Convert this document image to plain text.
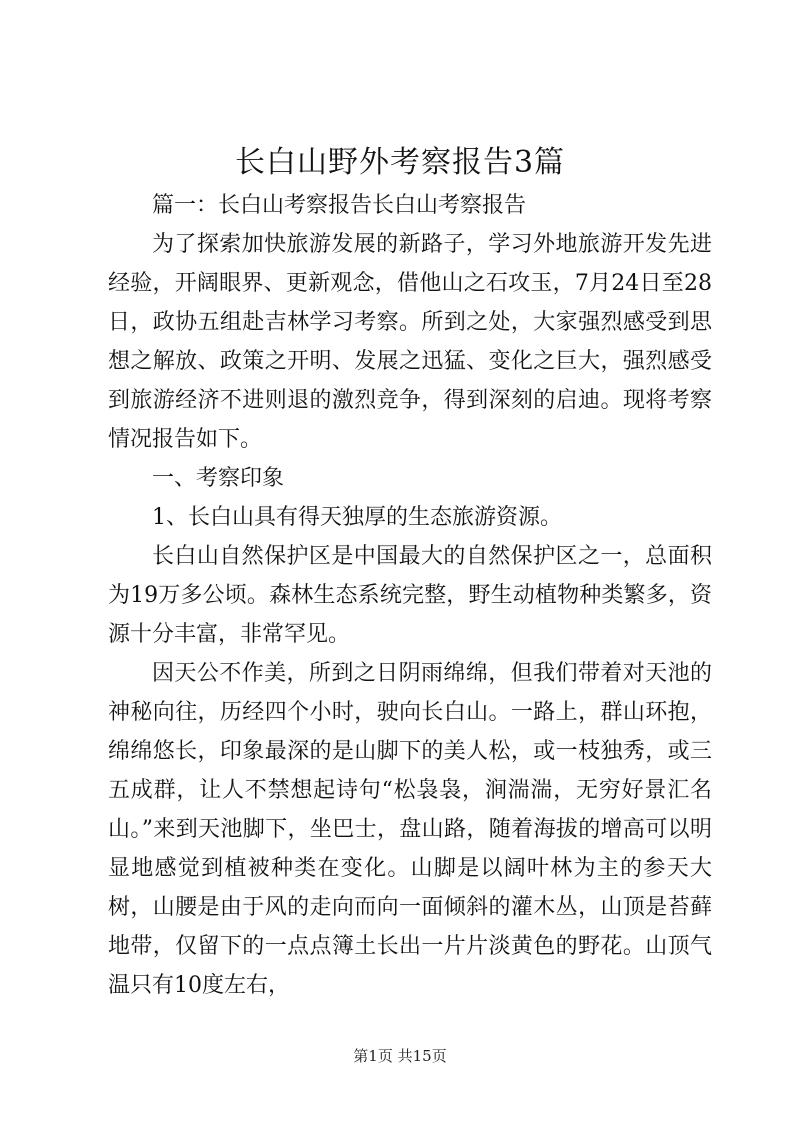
长白山野外考察报告3篇

篇一：长白山考察报告长白山考察报告

为了探索加快旅游发展的新路子，学习外地旅游开发先进经验，开阔眼界、更新观念，借他山之石攻玉，7月24日至28日，政协五组赴吉林学习考察。所到之处，大家强烈感受到思想之解放、政策之开明、发展之迅猛、变化之巨大，强烈感受到旅游经济不进则退的激烈竞争，得到深刻的启迪。现将考察情况报告如下。

一、考察印象

1、长白山具有得天独厚的生态旅游资源。

长白山自然保护区是中国最大的自然保护区之一，总面积为19万多公顷。森林生态系统完整，野生动植物种类繁多，资源十分丰富，非常罕见。

因天公不作美，所到之日阴雨绵绵，但我们带着对天池的神秘向往，历经四个小时，驶向长白山。一路上，群山环抱，绵绵悠长，印象最深的是山脚下的美人松，或一枝独秀，或三五成群，让人不禁想起诗句“松袅袅，涧湍湍，无穷好景汇名山。”来到天池脚下，坐巴士，盘山路，随着海拔的增高可以明显地感觉到植被种类在变化。山脚是以阔叶林为主的参天大树，山腰是由于风的走向而向一面倾斜的灌木丛，山顶是苔藓地带，仅留下的一点点簿土长出一片片淡黄色的野花。山顶气温只有10度左右，

第1页 共15页
